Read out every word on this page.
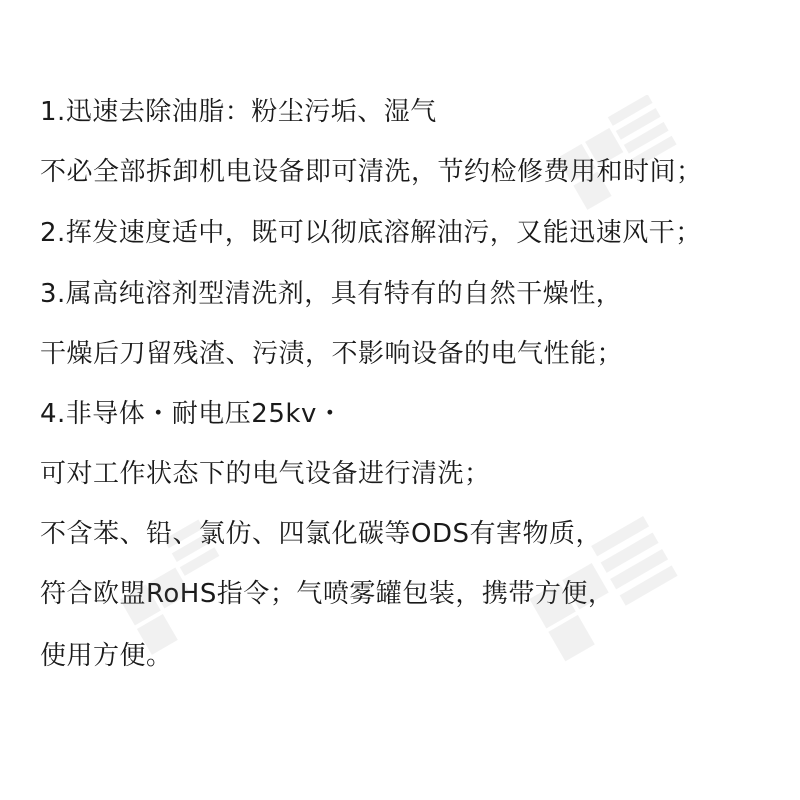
1.迅速去除油脂：粉尘污垢、湿气
不必全部拆卸机电设备即可清洗，节约检修费用和时间；
2.挥发速度适中，既可以彻底溶解油污，又能迅速风干；
3.属高纯溶剂型清洗剂，具有特有的自然干燥性，
干燥后刀留残渣、污渍，不影响设备的电气性能；
4.非导体・耐电压25kv・
可对工作状态下的电气设备进行清洗；
不含苯、铅、氯仿、四氯化碳等ODS有害物质，
符合欧盟RoHS指令；气喷雾罐包装，携带方便，
使用方便。
